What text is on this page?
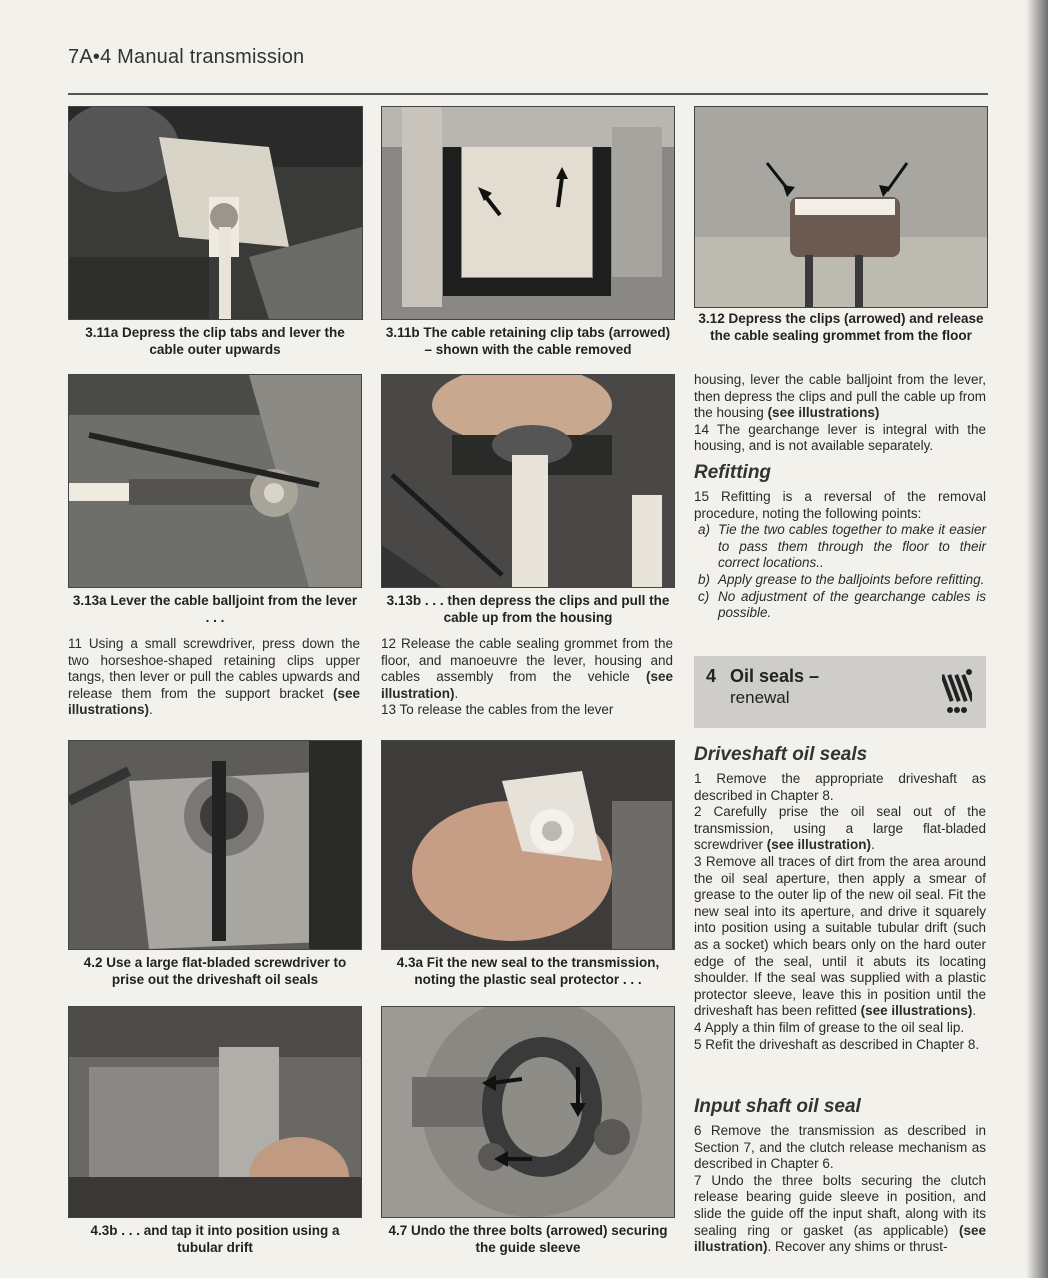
7A•4 Manual transmission
3.11a Depress the clip tabs and lever the cable outer upwards
3.11b The cable retaining clip tabs (arrowed) – shown with the cable removed
3.12 Depress the clips (arrowed) and release the cable sealing grommet from the floor
3.13a Lever the cable balljoint from the lever . . .
3.13b . . . then depress the clips and pull the cable up from the housing
4.2 Use a large flat-bladed screwdriver to prise out the driveshaft oil seals
4.3a Fit the new seal to the transmission, noting the plastic seal protector . . .
4.3b . . . and tap it into position using a tubular drift
4.7 Undo the three bolts (arrowed) securing the guide sleeve

11 Using a small screwdriver, press down the two horseshoe-shaped retaining clips upper tangs, then lever or pull the cables upwards and release them from the support bracket (see illustrations).

12 Release the cable sealing grommet from the floor, and manoeuvre the lever, housing and cables assembly from the vehicle (see illustration).

13 To release the cables from the lever

housing, lever the cable balljoint from the lever, then depress the clips and pull the cable up from the housing (see illustrations)

14 The gearchange lever is integral with the housing, and is not available separately.

Refitting

15 Refitting is a reversal of the removal procedure, noting the following points:

a) Tie the two cables together to make it easier to pass them through the floor to their correct locations..
b) Apply grease to the balljoints before refitting.
c) No adjustment of the gearchange cables is possible.
4 Oil seals –
renewal
Driveshaft oil seals

1 Remove the appropriate driveshaft as described in Chapter 8.

2 Carefully prise the oil seal out of the transmission, using a large flat-bladed screwdriver (see illustration).

3 Remove all traces of dirt from the area around the oil seal aperture, then apply a smear of grease to the outer lip of the new oil seal. Fit the new seal into its aperture, and drive it squarely into position using a suitable tubular drift (such as a socket) which bears only on the hard outer edge of the seal, until it abuts its locating shoulder. If the seal was supplied with a plastic protector sleeve, leave this in position until the driveshaft has been refitted (see illustrations).

4 Apply a thin film of grease to the oil seal lip.

5 Refit the driveshaft as described in Chapter 8.

Input shaft oil seal

6 Remove the transmission as described in Section 7, and the clutch release mechanism as described in Chapter 6.

7 Undo the three bolts securing the clutch release bearing guide sleeve in position, and slide the guide off the input shaft, along with its sealing ring or gasket (as applicable) (see illustration). Recover any shims or thrust-
